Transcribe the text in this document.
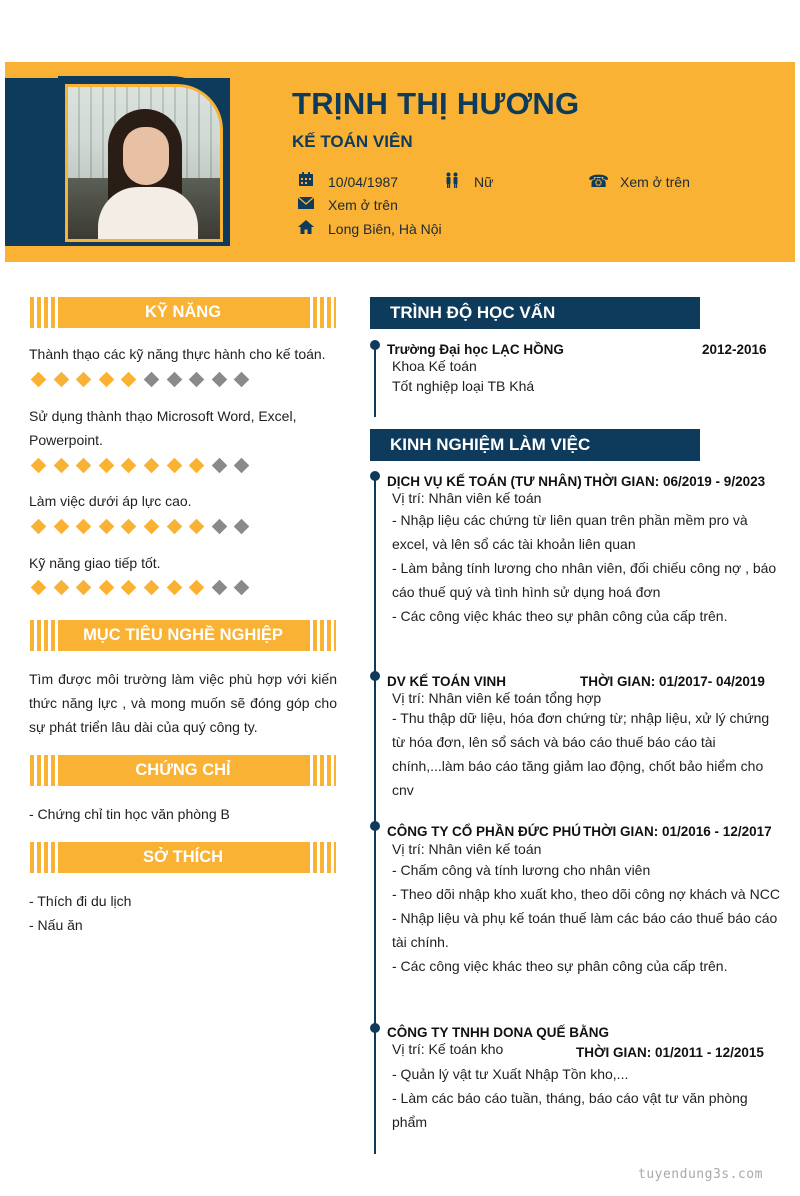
TRỊNH THỊ HƯƠNG
KẾ TOÁN VIÊN
10/04/1987	Nữ	☎ Xem ở trên
Xem ở trên
Long Biên, Hà Nội
KỸ NĂNG
Thành thạo các kỹ năng thực hành cho kế toán.
Sử dụng thành thạo Microsoft Word, Excel, Powerpoint.
Làm việc dưới áp lực cao.
Kỹ năng giao tiếp tốt.
MỤC TIÊU NGHỀ NGHIỆP
Tìm được môi trường làm việc phù hợp với kiến thức năng lực , và mong muốn sẽ đóng góp cho sự phát triển lâu dài của quý công ty.
CHỨNG CHỈ
- Chứng chỉ tin học văn phòng B
SỞ THÍCH
- Thích đi du lịch
- Nấu ăn
TRÌNH ĐỘ HỌC VẤN
Trường Đại học LẠC HỒNG	2012-2016
Khoa Kế toán
Tốt nghiệp loại TB Khá
KINH NGHIỆM LÀM VIỆC
DỊCH VỤ KẾ TOÁN (TƯ NHÂN) THỜI GIAN: 06/2019 - 9/2023
Vị trí: Nhân viên kế toán
- Nhập liệu các chứng từ liên quan trên phần mềm pro và excel, và lên sổ các tài khoản liên quan
- Làm bảng tính lương cho nhân viên, đối chiếu công nợ , báo cáo thuế quý và tình hình sử dụng hoá đơn
- Các công việc khác theo sự phân công của cấp trên.
DV KẾ TOÁN VINH	THỜI GIAN: 01/2017- 04/2019
Vị trí: Nhân viên kế toán tổng hợp
- Thu thập dữ liệu, hóa đơn chứng từ; nhập liệu, xử lý chứng từ hóa đơn, lên sổ sách và báo cáo thuế báo cáo tài chính,...làm báo cáo tăng giảm lao động, chốt bảo hiểm cho cnv
CÔNG TY CỔ PHẦN ĐỨC PHÚ THỜI GIAN: 01/2016 - 12/2017
Vị trí: Nhân viên kế toán
- Chấm công và tính lương cho nhân viên
- Theo dõi nhập kho xuất kho, theo dõi công nợ khách và NCC
- Nhập liệu và phụ kế toán thuế làm các báo cáo thuế báo cáo tài chính.
- Các công việc khác theo sự phân công của cấp trên.
CÔNG TY TNHH DONA QUẾ BẰNG
Vị trí: Kế toán kho	THỜI GIAN: 01/2011 - 12/2015
- Quản lý vật tư Xuất Nhập Tồn kho,...
- Làm các báo cáo tuần, tháng, báo cáo vật tư văn phòng phẩm
tuyendung3s.com
